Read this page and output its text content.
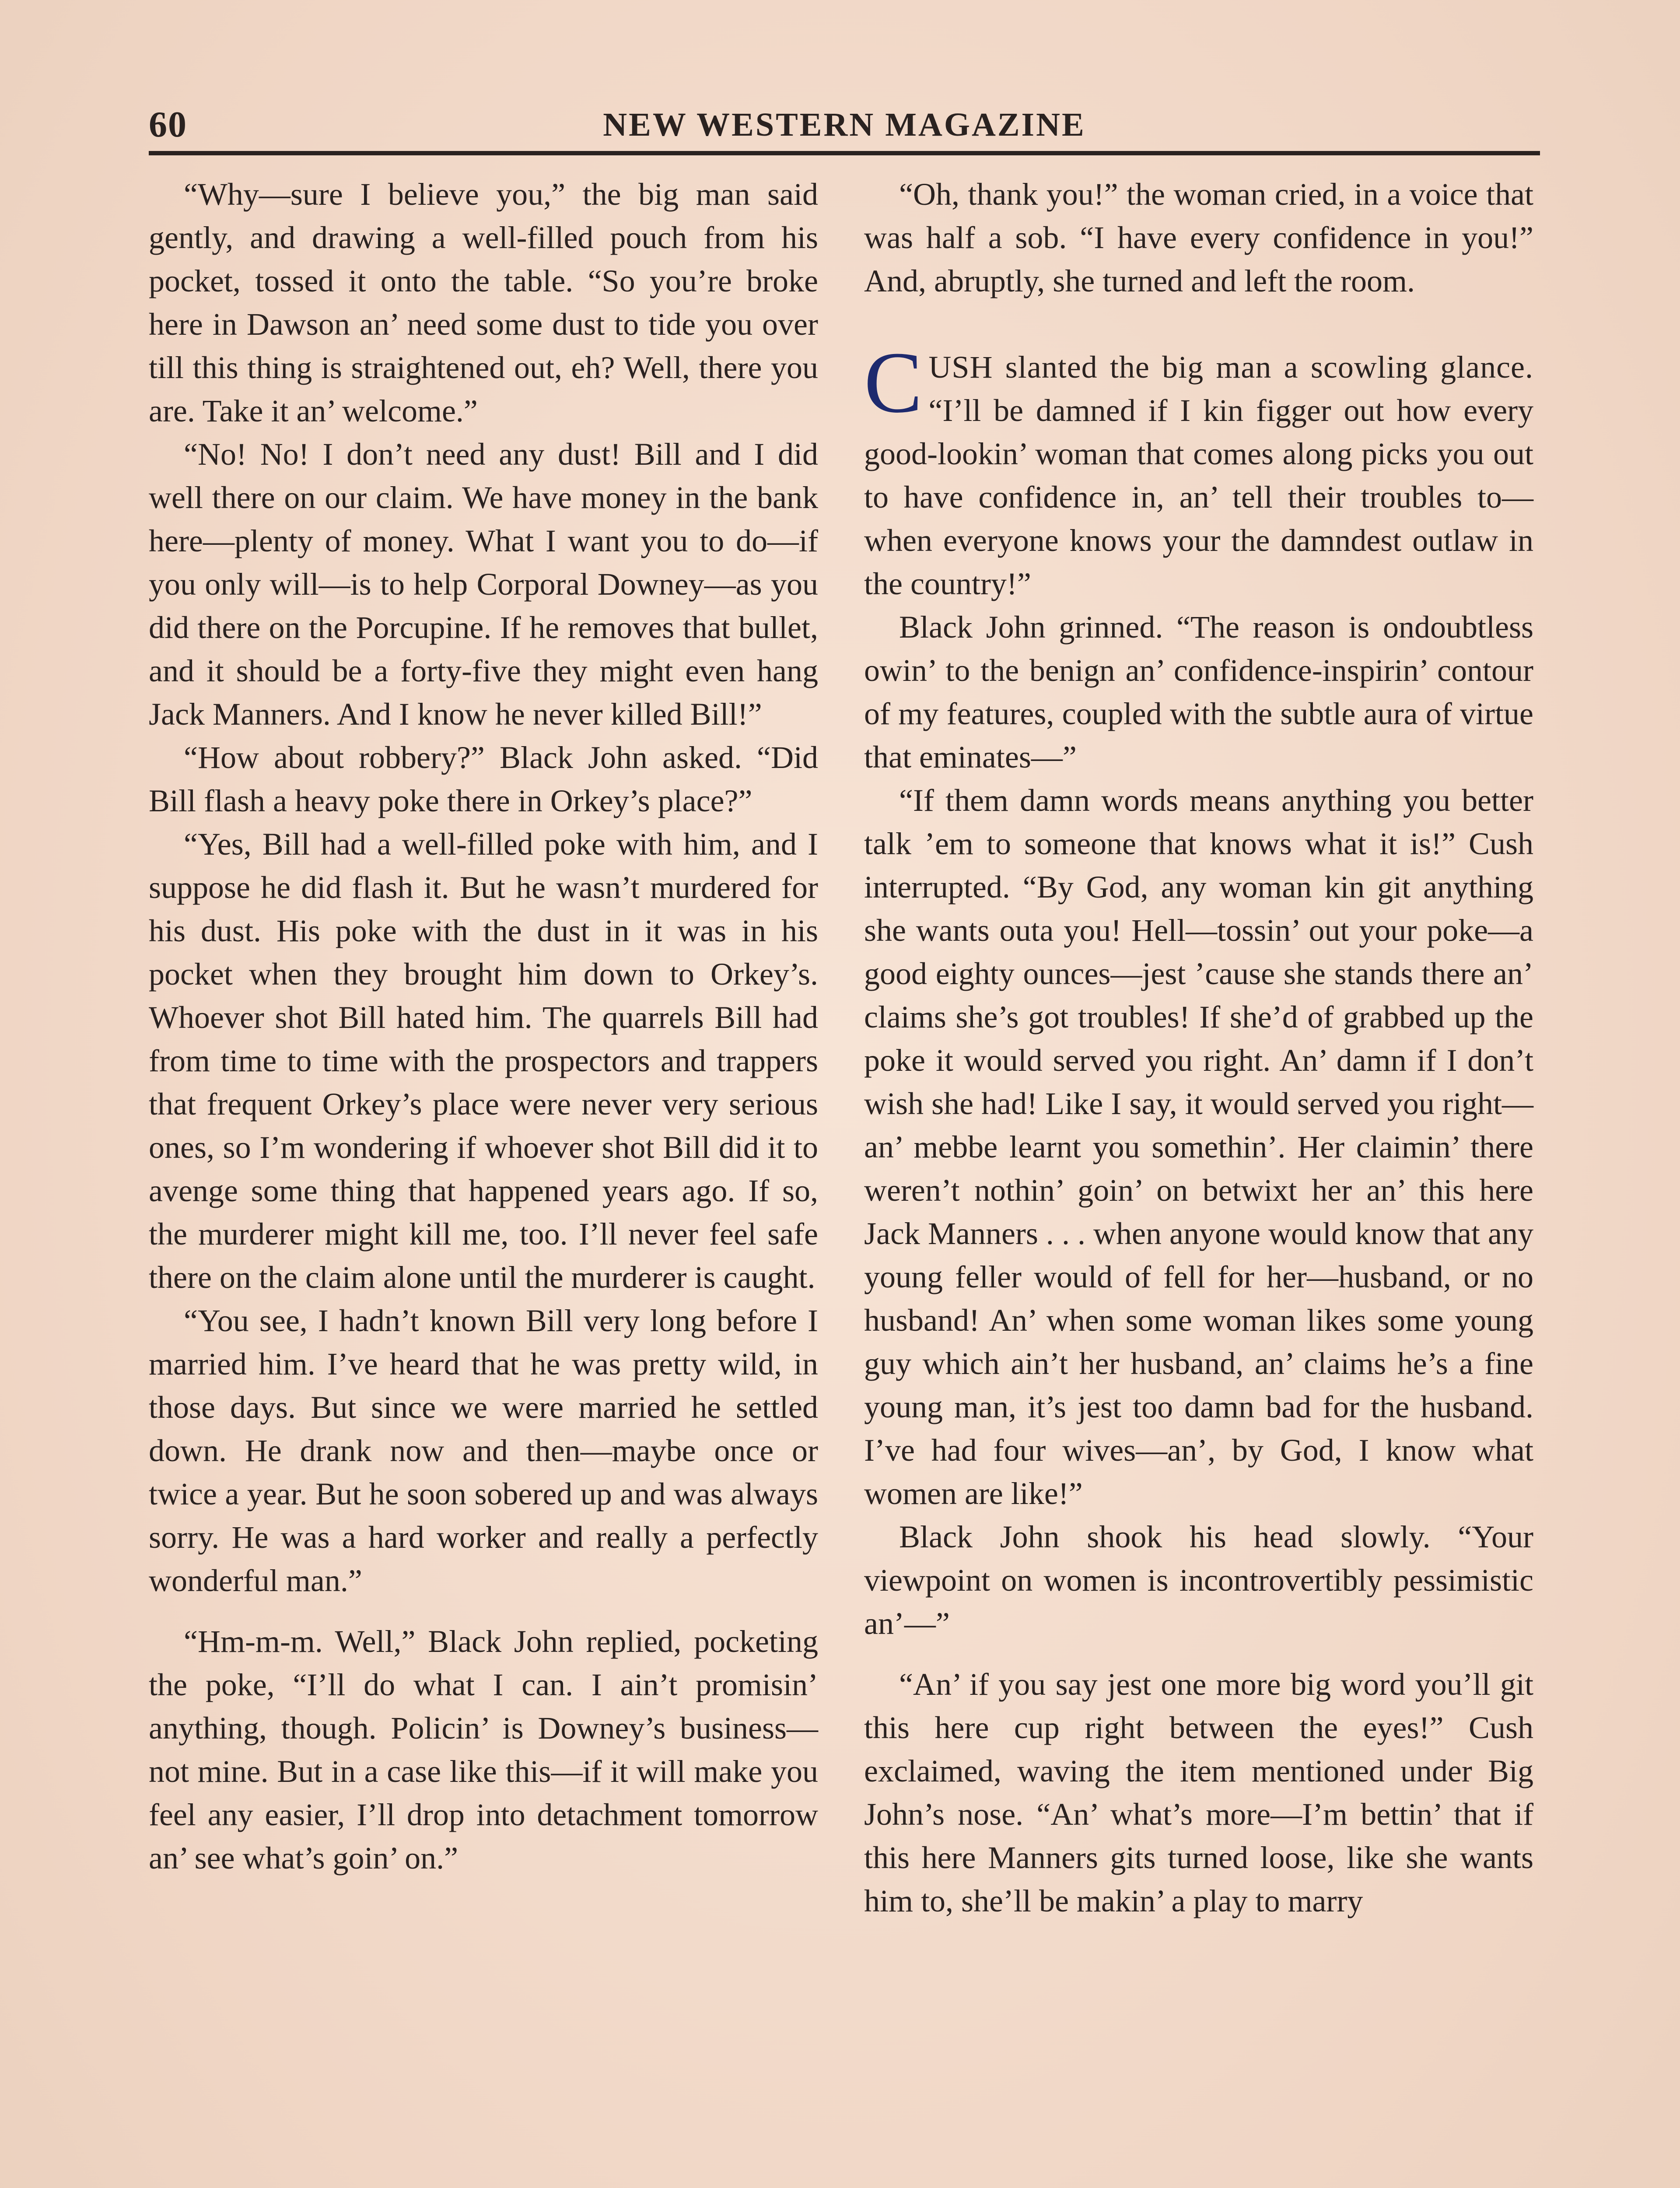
60	NEW WESTERN MAGAZINE

“Why—sure I believe you,” the big man said gently, and drawing a well-filled pouch from his pocket, tossed it onto the table. “So you’re broke here in Dawson an’ need some dust to tide you over till this thing is straightened out, eh? Well, there you are. Take it an’ welcome.”

“No! No! I don’t need any dust! Bill and I did well there on our claim. We have money in the bank here—plenty of money. What I want you to do—if you only will—is to help Corporal Downey—as you did there on the Porcupine. If he removes that bullet, and it should be a forty-five they might even hang Jack Manners. And I know he never killed Bill!”

“How about robbery?” Black John asked. “Did Bill flash a heavy poke there in Orkey’s place?”

“Yes, Bill had a well-filled poke with him, and I suppose he did flash it. But he wasn’t murdered for his dust. His poke with the dust in it was in his pocket when they brought him down to Orkey’s. Whoever shot Bill hated him. The quarrels Bill had from time to time with the prospectors and trappers that frequent Orkey’s place were never very serious ones, so I’m wondering if whoever shot Bill did it to avenge some thing that happened years ago. If so, the murderer might kill me, too. I’ll never feel safe there on the claim alone until the murderer is caught.

“You see, I hadn’t known Bill very long before I married him. I’ve heard that he was pretty wild, in those days. But since we were married he settled down. He drank now and then—maybe once or twice a year. But he soon sobered up and was always sorry. He was a hard worker and really a perfectly wonderful man.”

“Hm-m-m. Well,” Black John replied, pocketing the poke, “I’ll do what I can. I ain’t promisin’ anything, though. Policin’ is Downey’s business—not mine. But in a case like this—if it will make you feel any easier, I’ll drop into detachment tomorrow an’ see what’s goin’ on.”

“Oh, thank you!” the woman cried, in a voice that was half a sob. “I have every confidence in you!” And, abruptly, she turned and left the room.

CUSH slanted the big man a scowling glance. “I’ll be damned if I kin figger out how every good-lookin’ woman that comes along picks you out to have confidence in, an’ tell their troubles to—when everyone knows your the damndest outlaw in the country!”

Black John grinned. “The reason is ondoubtless owin’ to the benign an’ confidence-inspirin’ contour of my features, coupled with the subtle aura of virtue that eminates—”

“If them damn words means anything you better talk ’em to someone that knows what it is!” Cush interrupted. “By God, any woman kin git anything she wants outa you! Hell—tossin’ out your poke—a good eighty ounces—jest ’cause she stands there an’ claims she’s got troubles! If she’d of grabbed up the poke it would served you right. An’ damn if I don’t wish she had! Like I say, it would served you right—an’ mebbe learnt you somethin’. Her claimin’ there weren’t nothin’ goin’ on betwixt her an’ this here Jack Manners . . . when anyone would know that any young feller would of fell for her—husband, or no husband! An’ when some woman likes some young guy which ain’t her husband, an’ claims he’s a fine young man, it’s jest too damn bad for the husband. I’ve had four wives—an’, by God, I know what women are like!”

Black John shook his head slowly. “Your viewpoint on women is incontrovertibly pessimistic an’—”

“An’ if you say jest one more big word you’ll git this here cup right between the eyes!” Cush exclaimed, waving the item mentioned under Big John’s nose. “An’ what’s more—I’m bettin’ that if this here Manners gits turned loose, like she wants him to, she’ll be makin’ a play to marry
